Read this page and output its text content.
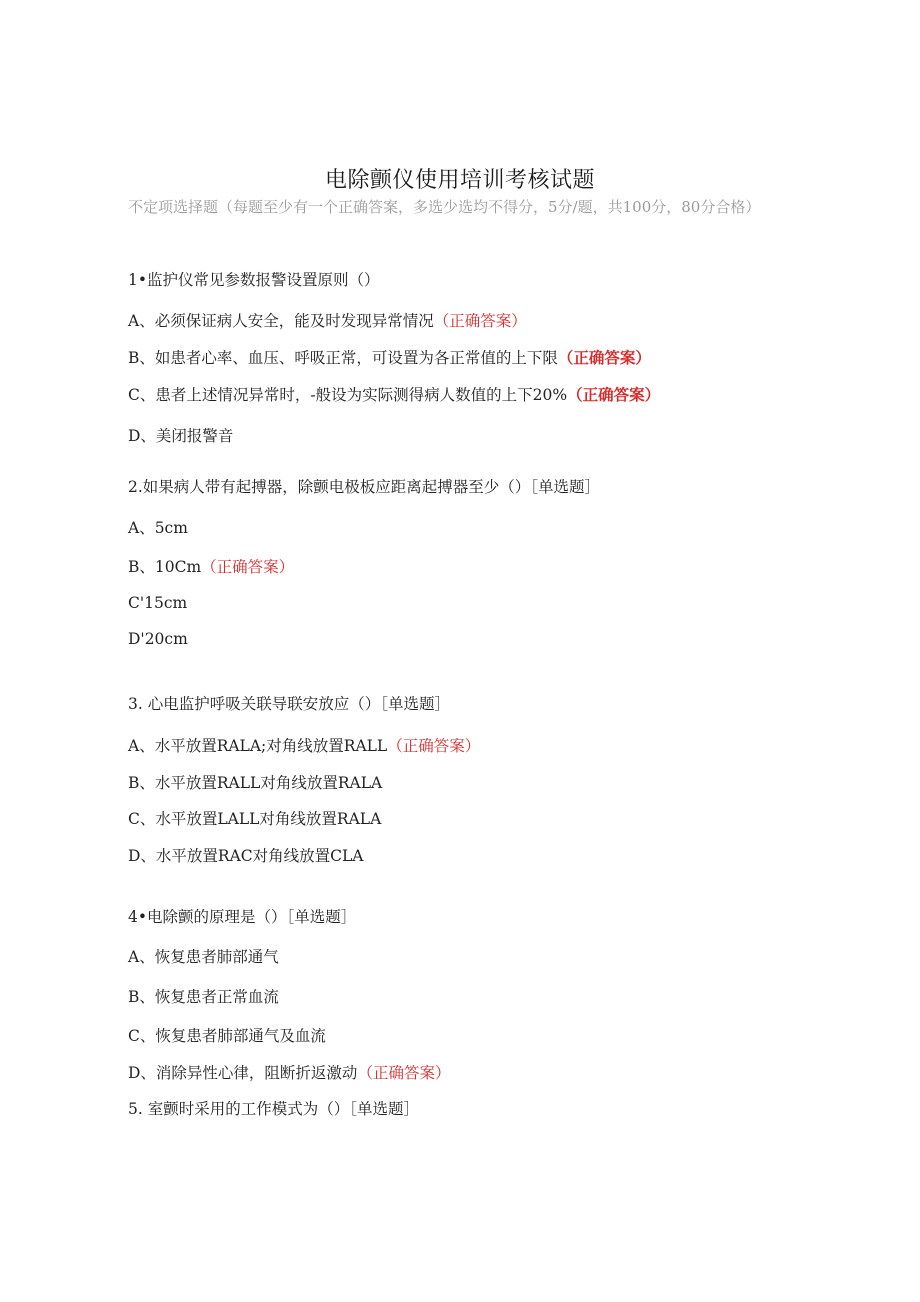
电除颤仪使用培训考核试题
不定项选择题（每题至少有一个正确答案，多选少选均不得分，5分/题，共100分，80分合格）
1•监护仪常见参数报警设置原则（）
A、必须保证病人安全，能及时发现异常情况（正确答案）
B、如患者心率、血压、呼吸正常，可设置为各正常值的上下限（正确答案）
C、患者上述情况异常时，-般设为实际测得病人数值的上下20%（正确答案）
D、美闭报警音
2.如果病人带有起搏器，除颤电极板应距离起搏器至少（）［单选题］
A、5cm
B、10Cm（正确答案）
C'15cm
D'20cm
3. 心电监护呼吸关联导联安放应（）［单选题］
A、水平放置RALA;对角线放置RALL（正确答案）
B、水平放置RALL对角线放置RALA
C、水平放置LALL对角线放置RALA
D、水平放置RAC对角线放置CLA
4•电除颤的原理是（）［单选题］
A、恢复患者肺部通气
B、恢复患者正常血流
C、恢复患者肺部通气及血流
D、消除异性心律，阻断折返激动（正确答案）
5. 室颤时采用的工作模式为（）［单选题］
